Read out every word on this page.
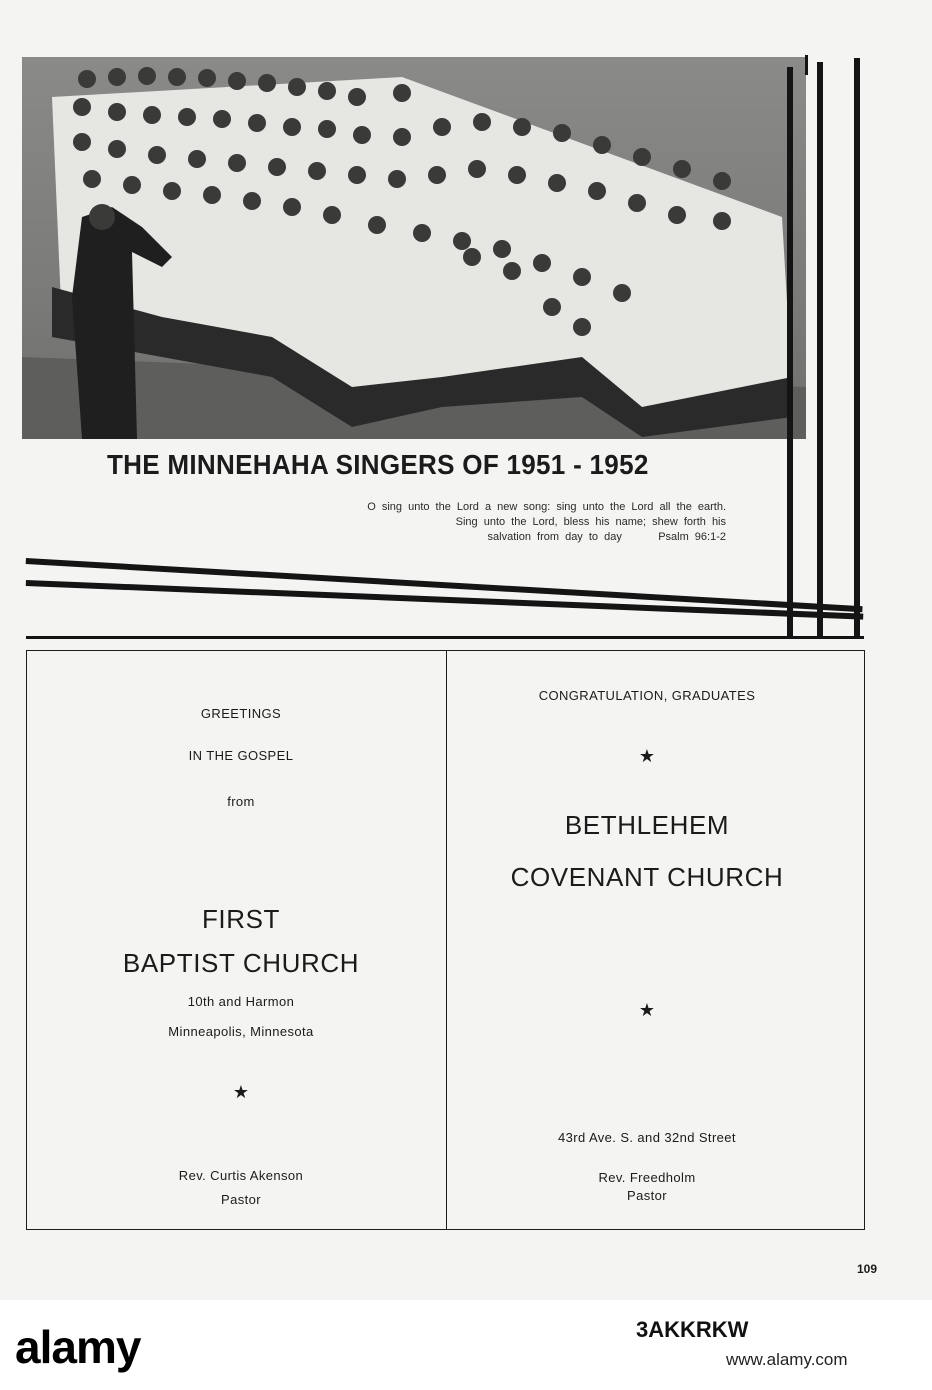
THE MINNEHAHA SINGERS OF 1951 - 1952
O sing unto the Lord a new song: sing unto the Lord all the earth.
Sing unto the Lord, bless his name; shew forth his
salvation from day to day	Psalm 96:1-2
GREETINGS
IN THE GOSPEL
from
FIRST
BAPTIST CHURCH
10th and Harmon
Minneapolis, Minnesota
★
Rev. Curtis Akenson
Pastor
CONGRATULATION, GRADUATES
★
BETHLEHEM
COVENANT CHURCH
★
43rd Ave. S. and 32nd Street
Rev. Freedholm
Pastor
109
alamy	3AKKRKW
www.alamy.com
